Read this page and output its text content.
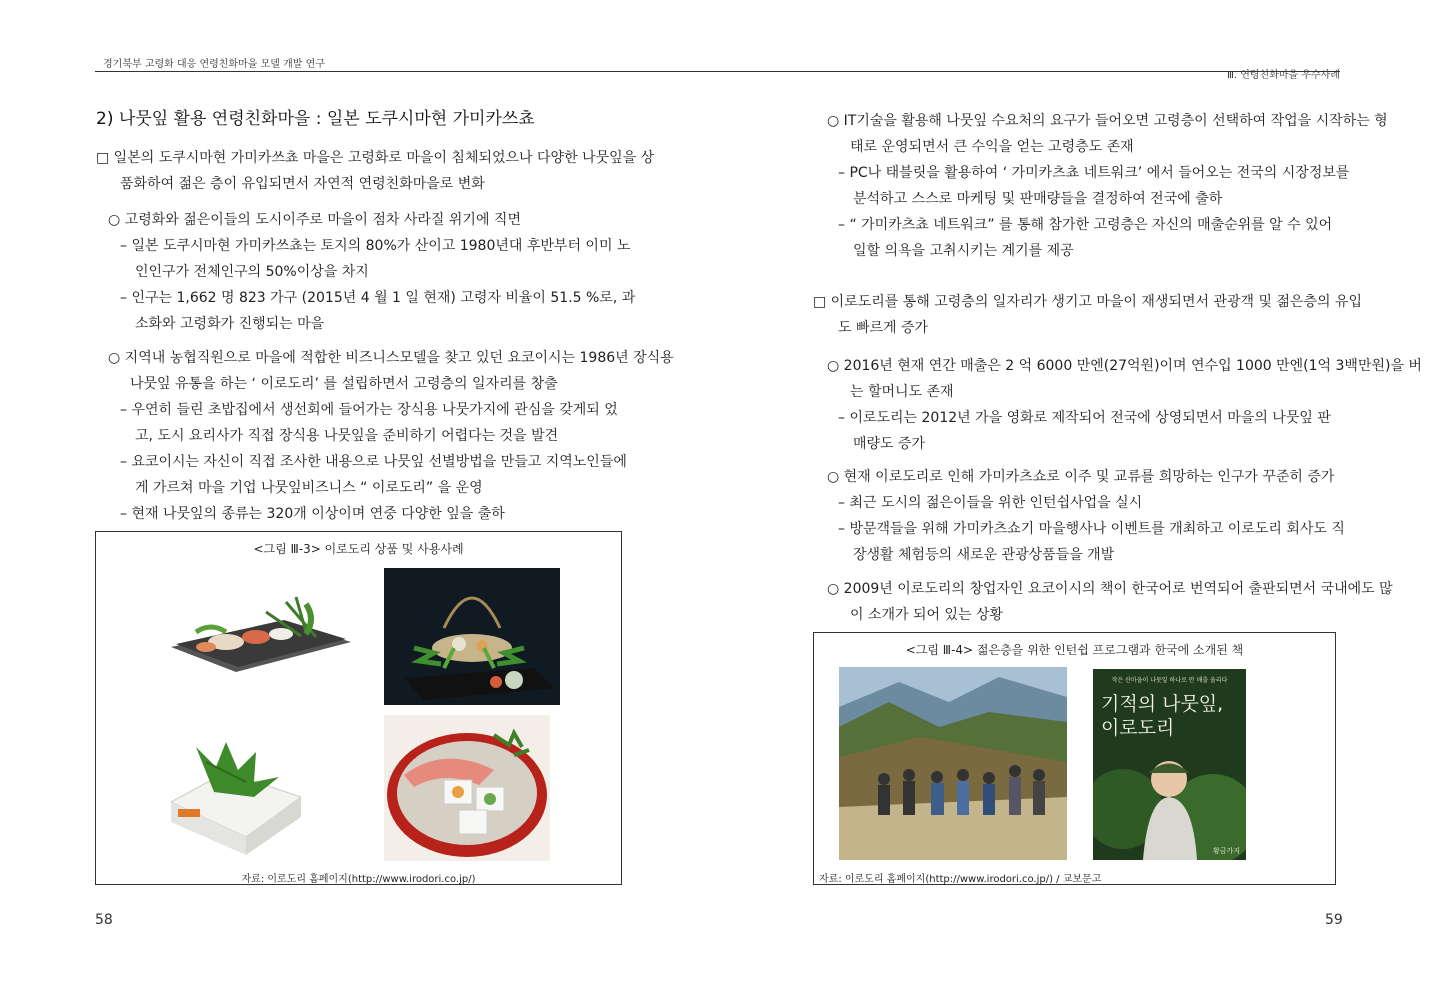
경기북부 고령화 대응 연령친화마을 모델 개발 연구
Ⅲ. 연령친화마을 우수사례
2) 나뭇잎 활용 연령친화마을 : 일본 도쿠시마현 가미카쓰쵸
□ 일본의 도쿠시마현 가미카쓰쵸 마을은 고령화로 마을이 침체되었으나 다양한 나뭇잎을 상
품화하여 젊은 층이 유입되면서 자연적 연령친화마을로 변화
○ 고령화와 젊은이들의 도시이주로 마을이 점차 사라질 위기에 직면
– 일본 도쿠시마현 가미카쓰쵸는 토지의 80%가 산이고 1980년대 후반부터 이미 노
인인구가 전체인구의 50%이상을 차지
– 인구는 1,662 명 823 가구 (2015년 4 월 1 일 현재) 고령자 비율이 51.5 %로, 과
소화와 고령화가 진행되는 마을
○ 지역내 농협직원으로 마을에 적합한 비즈니스모델을 찾고 있던 요코이시는 1986년 장식용
나뭇잎 유통을 하는 ‘ 이로도리’ 를 설립하면서 고령층의 일자리를 창출
– 우연히 들린 초밥집에서 생선회에 들어가는 장식용 나뭇가지에 관심을 갖게되 었
고, 도시 요리사가 직접 장식용 나뭇잎을 준비하기 어렵다는 것을 발견
– 요코이시는 자신이 직접 조사한 내용으로 나뭇잎 선별방법을 만들고 지역노인들에
게 가르쳐 마을 기업 나뭇잎비즈니스 “ 이로도리” 을 운영
– 현재 나뭇잎의 종류는 320개 이상이며 연중 다양한 잎을 출하
<그림 Ⅲ-3> 이로도리 상품 및 사용사례
자료: 이로도리 홈페이지(http://www.irodori.co.jp/)
58
○ IT기술을 활용해 나뭇잎 수요처의 요구가 들어오면 고령층이 선택하여 작업을 시작하는 형
태로 운영되면서 큰 수익을 얻는 고령층도 존재
– PC나 태블릿을 활용하여 ‘ 가미카츠쵸 네트워크’ 에서 들어오는 전국의 시장정보를
분석하고 스스로 마케팅 및 판매량들을 결정하여 전국에 출하
– “ 가미카츠쵸 네트워크” 를 통해 참가한 고령층은 자신의 매출순위를 알 수 있어
일할 의욕을 고취시키는 계기를 제공
□ 이로도리를 통해 고령층의 일자리가 생기고 마을이 재생되면서 관광객 및 젊은층의 유입
도 빠르게 증가
○ 2016년 현재 연간 매출은 2 억 6000 만엔(27억원)이며 연수입 1000 만엔(1억 3백만원)을 버
는 할머니도 존재
– 이로도리는 2012년 가을 영화로 제작되어 전국에 상영되면서 마을의 나뭇잎 판
매량도 증가
○ 현재 이로도리로 인해 가미카츠쇼로 이주 및 교류를 희망하는 인구가 꾸준히 증가
– 최근 도시의 젊은이들을 위한 인턴쉽사업을 실시
– 방문객들을 위해 가미카츠쇼기 마을행사나 이벤트를 개최하고 이로도리 회사도 직
장생활 체험등의 새로운 관광상품들을 개발
○ 2009년 이로도리의 창업자인 요코이시의 책이 한국어로 번역되어 출판되면서 국내에도 많
이 소개가 되어 있는 상황
<그림 Ⅲ-4> 젊은층을 위한 인턴쉽 프로그램과 한국에 소개된 책
작은 산마을이 나뭇잎 하나로 만 매출 올리다
기적의 나뭇잎,
이로도리
황금가지
자료: 이로도리 홈페이지(http://www.irodori.co.jp/) / 교보문고
59
